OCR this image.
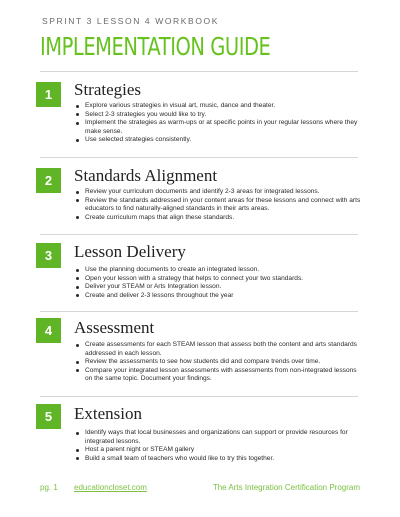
SPRINT 3 LESSON 4 WORKBOOK
IMPLEMENTATION GUIDE
1	Strategies
Explore various strategies in visual art, music, dance and theater.
Select 2-3 strategies you would like to try.
Implement the strategies as warm-ups or at specific points in your regular lessons where they make sense.
Use selected strategies consistently.
2	Standards Alignment
Review your curriculum documents and identify 2-3 areas for integrated lessons.
Review the standards addressed in your content areas for these lessons and connect with arts educators to find naturally-aligned standards in their arts areas.
Create curriculum maps that align these standards.
3	Lesson Delivery
Use the planning documents to create an integrated lesson.
Open your lesson with a strategy that helps to connect your two standards.
Deliver your STEAM or Arts Integration lesson.
Create and deliver 2-3 lessons throughout the year
4	Assessment
Create assessments for each STEAM lesson that assess both the content and arts standards addressed in each lesson.
Review the assessments to see how students did and compare trends over time.
Compare your integrated lesson assessments with assessments from non-integrated lessons on the same topic. Document your findings.
5	Extension
Identify ways that local businesses and organizations can support or provide resources for integrated lessons.
Host a parent night or STEAM gallery
Build a small team of teachers who would like to try this together.
pg. 1 educationcloset.com	The Arts Integration Certification Program
